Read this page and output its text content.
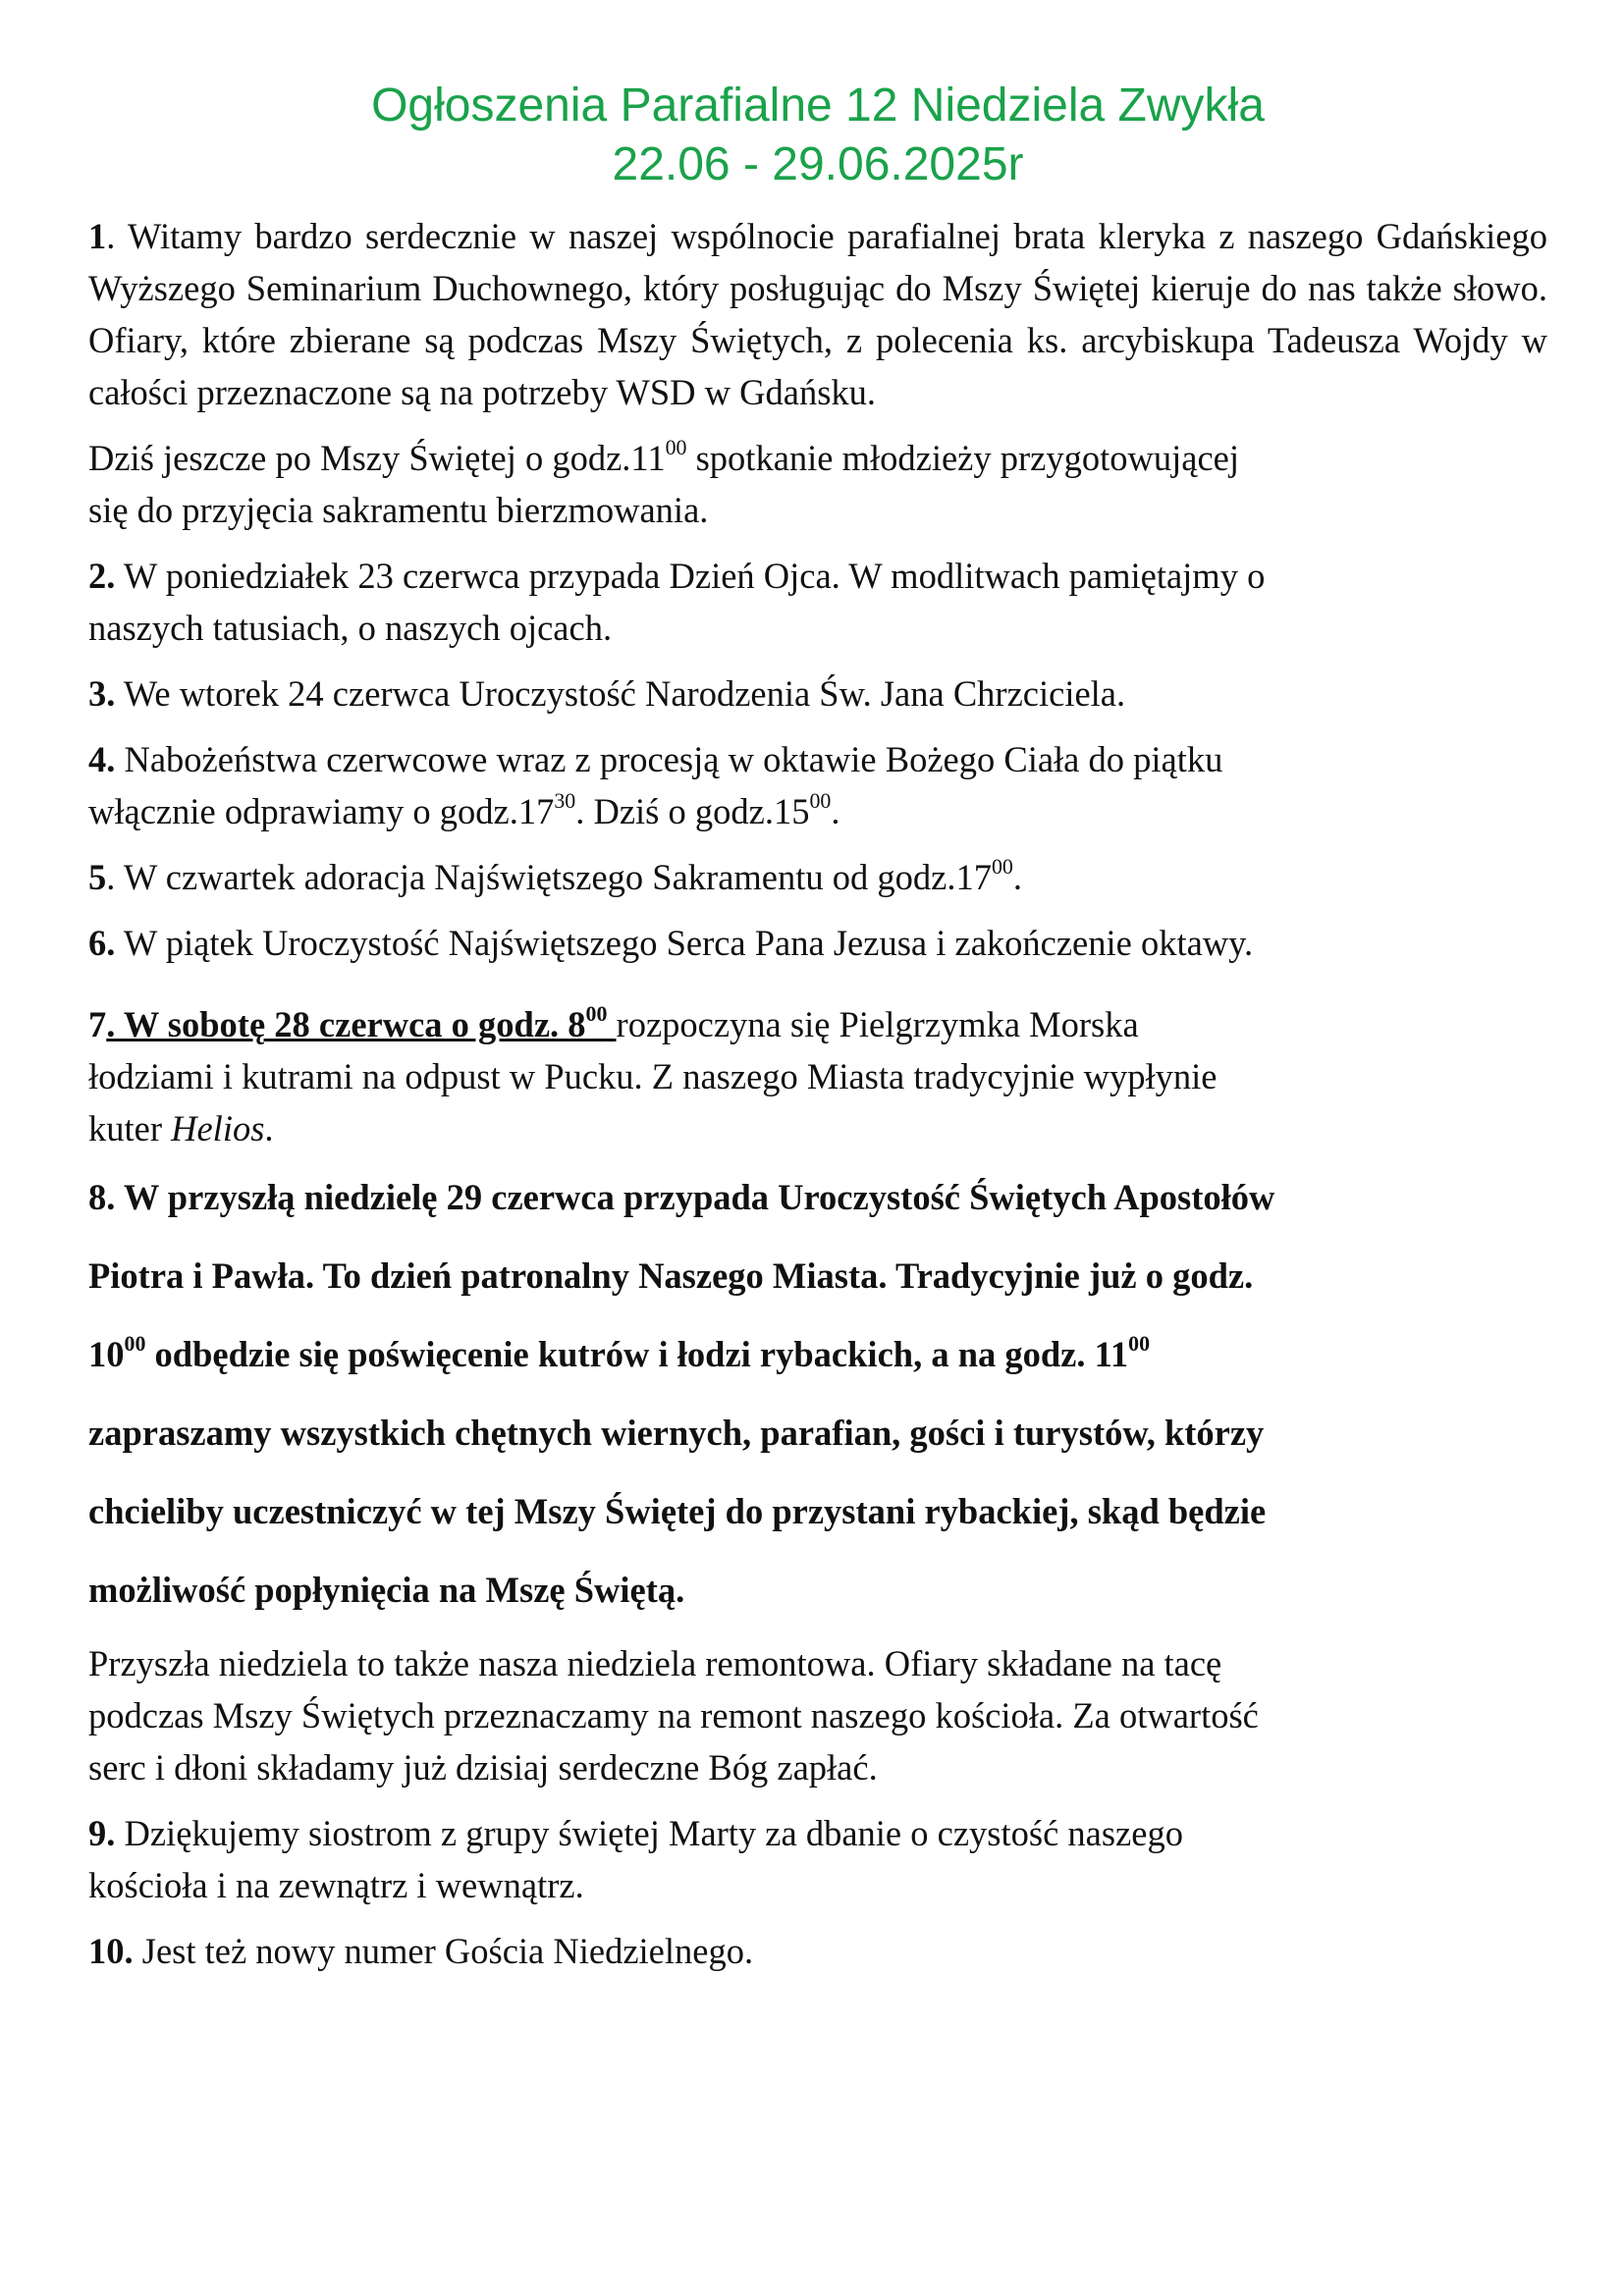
Ogłoszenia Parafialne 12 Niedziela Zwykła
22.06 - 29.06.2025r

1. Witamy bardzo serdecznie w naszej wspólnocie parafialnej brata kleryka z naszego Gdańskiego Wyższego Seminarium Duchownego, który posługując do Mszy Świętej kieruje do nas także słowo. Ofiary, które zbierane są podczas Mszy Świętych, z polecenia ks. arcybiskupa Tadeusza Wojdy w całości przeznaczone są na potrzeby WSD w Gdańsku.

Dziś jeszcze po Mszy Świętej o $godz.11^{00}$ spotkanie młodzieży przygotowującej
się do przyjęcia sakramentu bierzmowania.

2. W poniedziałek 23 czerwca przypada Dzień Ojca. W modlitwach pamiętajmy o
naszych tatusiach, o naszych ojcach.

3. We wtorek 24 czerwca Uroczystość Narodzenia Św. Jana Chrzciciela.

4. Nabożeństwa czerwcowe wraz z procesją w oktawie Bożego Ciała do piątku
włącznie odprawiamy o $godz.17^{30}$. Dziś o $godz.15^{00}$.

5. W czwartek adoracja Najświętszego Sakramentu od $godz.17^{00}$.

6. W piątek Uroczystość Najświętszego Serca Pana Jezusa i zakończenie oktawy.

7. W sobotę 28 czerwca o godz. $8^{00}$ rozpoczyna się Pielgrzymka Morska
łodziami i kutrami na odpust w Pucku. Z naszego Miasta tradycyjnie wypłynie
kuter Helios.

8. W przyszłą niedzielę 29 czerwca przypada Uroczystość Świętych Apostołów
Piotra i Pawła. To dzień patronalny Naszego Miasta. Tradycyjnie już o godz.
$10^{00}$ odbędzie się poświęcenie kutrów i łodzi rybackich, a na godz. $11^{00}$
zapraszamy wszystkich chętnych wiernych, parafian, gości i turystów, którzy
chcieliby uczestniczyć w tej Mszy Świętej do przystani rybackiej, skąd będzie
możliwość popłynięcia na Mszę Świętą.

Przyszła niedziela to także nasza niedziela remontowa. Ofiary składane na tacę
podczas Mszy Świętych przeznaczamy na remont naszego kościoła. Za otwartość
serc i dłoni składamy już dzisiaj serdeczne Bóg zapłać.

9. Dziękujemy siostrom z grupy świętej Marty za dbanie o czystość naszego
kościoła i na zewnątrz i wewnątrz.

10. Jest też nowy numer Gościa Niedzielnego.
